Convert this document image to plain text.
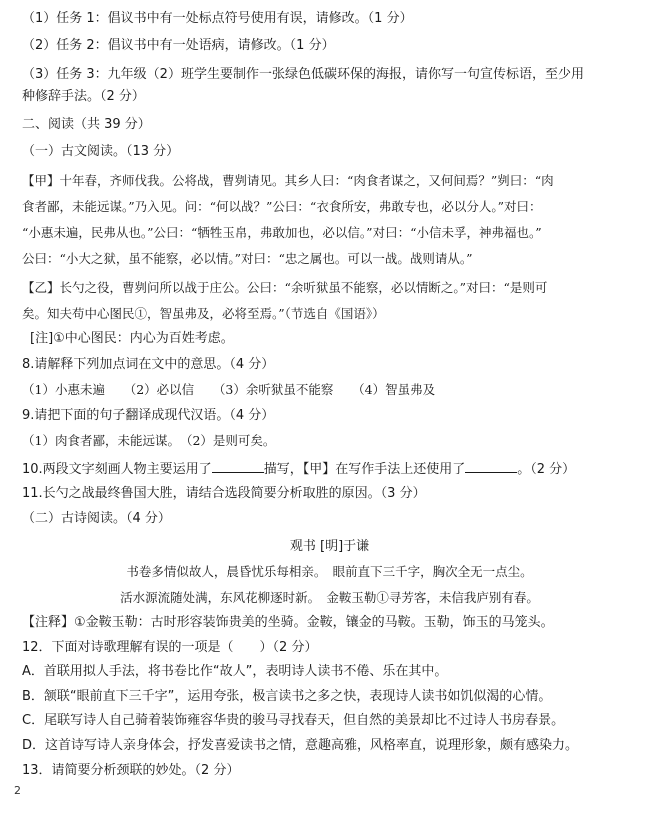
（1）任务 1：倡议书中有一处标点符号使用有误，请修改。（1 分）
（2）任务 2：倡议书中有一处语病，请修改。（1 分）
（3）任务 3：九年级（2）班学生要制作一张绿色低碳环保的海报，请你写一句宣传标语，至少用
种修辞手法。（2 分）
二、阅读（共 39 分）
（一）古文阅读。（13 分）
【甲】十年春，齐师伐我。公将战，曹刿请见。其乡人曰：“肉食者谋之，又何间焉？”刿曰：“肉
食者鄙，未能远谋。”乃入见。问：“何以战？”公曰：“衣食所安，弗敢专也，必以分人。”对曰：
“小惠未遍，民弗从也。”公曰：“牺牲玉帛，弗敢加也，必以信。”对曰：“小信未孚，神弗福也。”
公曰：“小大之狱，虽不能察，必以情。”对曰：“忠之属也。可以一战。战则请从。”
【乙】长勺之役，曹刿问所以战于庄公。公曰：“余听狱虽不能察，必以情断之。”对曰：“是则可
矣。知夫苟中心图民①，智虽弗及，必将至焉。”（节选自《国语》）
[注]①中心图民：内心为百姓考虑。
8.请解释下列加点词在文中的意思。（4 分）
（1）小惠未遍　　（2）必以信　　（3）余听狱虽不能察　　（4）智虽弗及
9.请把下面的句子翻译成现代汉语。（4 分）
（1）肉食者鄙，未能远谋。　（2）是则可矣。
10.两段文字刻画人物主要运用了	描写，【甲】在写作手法上还使用了	。（2 分）
11.长勺之战最终鲁国大胜，请结合选段简要分析取胜的原因。（3 分）
（二）古诗阅读。（4 分）
观书 [明]于谦
书卷多情似故人，晨昏忧乐每相亲。　眼前直下三千字，胸次全无一点尘。
活水源流随处满，东风花柳逐时新。　金鞍玉勒①寻芳客，未信我庐别有春。
【注释】①金鞍玉勒：古时形容装饰贵美的坐骑。金鞍，镶金的马鞍。玉勒，饰玉的马笼头。
12．下面对诗歌理解有误的一项是（　　）（2 分）
A．首联用拟人手法，将书卷比作“故人”，表明诗人读书不倦、乐在其中。
B．颔联“眼前直下三千字”，运用夸张，极言读书之多之快，表现诗人读书如饥似渴的心情。
C．尾联写诗人自己骑着装饰雍容华贵的骏马寻找春天，但自然的美景却比不过诗人书房春景。
D．这首诗写诗人亲身体会，抒发喜爱读书之情，意趣高雅，风格率直，说理形象，颇有感染力。
13．请简要分析颈联的妙处。（2 分）
2
